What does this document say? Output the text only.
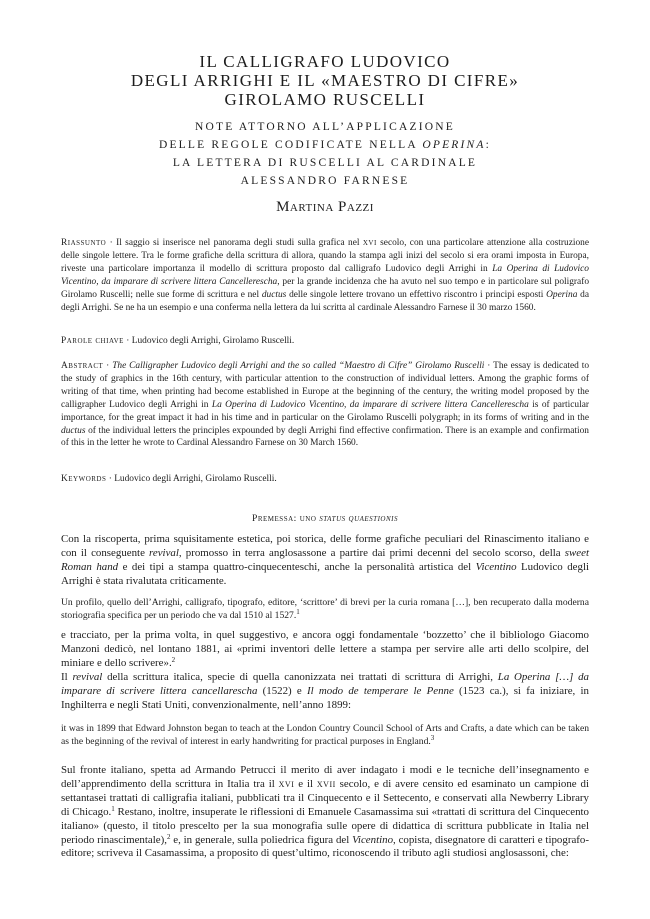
IL CALLIGRAFO LUDOVICO
DEGLI ARRIGHI E IL «MAESTRO DI CIFRE»
GIROLAMO RUSCELLI
NOTE ATTORNO ALL’APPLICAZIONE
DELLE REGOLE CODIFICATE NELLA OPERINA:
LA LETTERA DI RUSCELLI AL CARDINALE
ALESSANDRO FARNESE
Martina Pazzi

Riassunto · Il saggio si inserisce nel panorama degli studi sulla grafica nel xvi secolo, con una particolare attenzione alla costruzione delle singole lettere. Tra le forme grafiche della scrittura di allora, quando la stampa agli inizi del secolo si era orami imposta in Europa, riveste una particolare importanza il modello di scrittura proposto dal calligrafo Ludovico degli Arrighi in La Operina di Ludovico Vicentino, da imparare di scrivere littera Cancellerescha, per la grande incidenza che ha avuto nel suo tempo e in particolare sul poligrafo Girolamo Ruscelli; nelle sue forme di scrittura e nel ductus delle singole lettere trovano un effettivo riscontro i principi esposti Operina da degli Arrighi. Se ne ha un esempio e una conferma nella lettera da lui scritta al cardinale Alessandro Farnese il 30 marzo 1560.

Parole chiave · Ludovico degli Arrighi, Girolamo Ruscelli.

Abstract · The Calligrapher Ludovico degli Arrighi and the so called “Maestro di Cifre” Girolamo Ruscelli · The essay is dedicated to the study of graphics in the 16th century, with particular attention to the construction of individual letters. Among the graphic forms of writing of that time, when printing had become established in Europe at the beginning of the century, the writing model proposed by the calligrapher Ludovico degli Arrighi in La Operina di Ludovico Vicentino, da imparare di scrivere littera Cancellerescha is of particular importance, for the great impact it had in his time and in particular on the Girolamo Ruscelli polygraph; in its forms of writing and in the ductus of the individual letters the principles expounded by degli Arrighi find effective confirmation. There is an example and confirmation of this in the letter he wrote to Cardinal Alessandro Farnese on 30 March 1560.

Keywords · Ludovico degli Arrighi, Girolamo Ruscelli.

Premessa: uno status quaestionis

Con la riscoperta, prima squisitamente estetica, poi storica, delle forme grafiche peculiari del Rinascimento italiano e con il conseguente revival, promosso in terra anglosassone a partire dai primi decenni del secolo scorso, della sweet Roman hand e dei tipi a stampa quattro-cinquecenteschi, anche la personalità artistica del Vicentino Ludovico degli Arrighi è stata rivalutata criticamente.

Un profilo, quello dell’Arrighi, calligrafo, tipografo, editore, ‘scrittore’ di brevi per la curia romana […], ben recuperato dalla moderna storiografia specifica per un periodo che va dal 1510 al 1527.$^1$

e tracciato, per la prima volta, in quel suggestivo, e ancora oggi fondamentale ‘bozzetto’ che il bibliologo Giacomo Manzoni dedicò, nel lontano 1881, ai «primi inventori delle lettere a stampa per servire alle arti dello scolpire, del miniare e dello scrivere».$^2$

Il revival della scrittura italica, specie di quella canonizzata nei trattati di scrittura di Arrighi, La Operina […] da imparare di scrivere littera cancellarescha (1522) e Il modo de temperare le Penne (1523 ca.), si fa iniziare, in Inghilterra e negli Stati Uniti, convenzionalmente, nell’anno 1899:

it was in 1899 that Edward Johnston began to teach at the London Country Council School of Arts and Crafts, a date which can be taken as the beginning of the revival of interest in early handwriting for practical purposes in England.$^3$

Sul fronte italiano, spetta ad Armando Petrucci il merito di aver indagato i modi e le tecniche dell’insegnamento e dell’apprendimento della scrittura in Italia tra il xvi e il xvii secolo, e di avere censito ed esaminato un campione di settantasei trattati di calligrafia italiani, pubblicati tra il Cinquecento e il Settecento, e conservati alla Newberry Library di Chicago.$^1$ Restano, inoltre, insuperate le riflessioni di Emanuele Casamassima sui «trattati di scrittura del Cinquecento italiano» (questo, il titolo prescelto per la sua monografia sulle opere di didattica di scrittura pubblicate in Italia nel periodo rinascimentale),$^2$ e, in generale, sulla poliedrica figura del Vicentino, copista, disegnatore di caratteri e tipografo-editore; scriveva il Casamassima, a proposito di quest’ultimo, riconoscendo il tributo agli studiosi anglosassoni, che:
